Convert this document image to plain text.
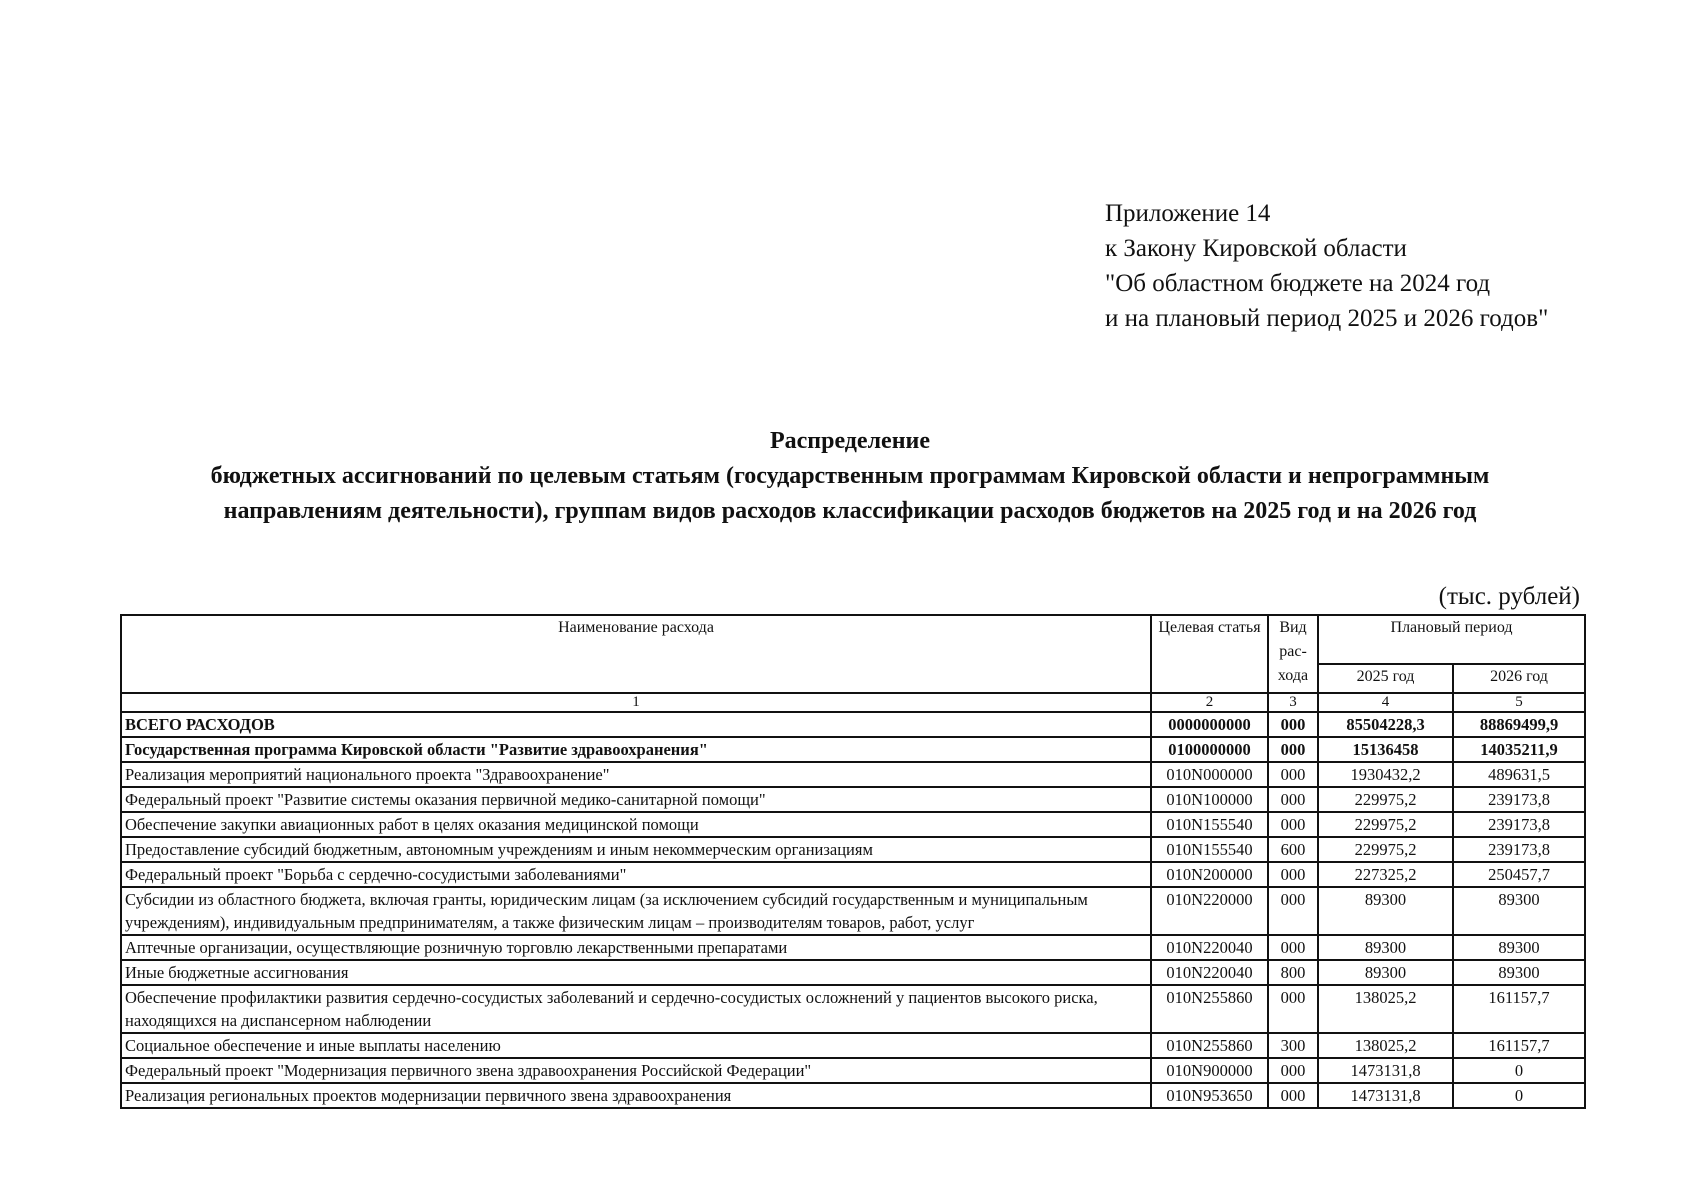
Приложение 14
к Закону Кировской области
"Об областном бюджете на 2024 год
и на плановый период 2025 и 2026 годов"
Распределение
бюджетных ассигнований по целевым статьям (государственным программам Кировской области и непрограммным
направлениям деятельности), группам видов расходов классификации расходов бюджетов на 2025 год и на 2026 год
(тыс. рублей)
Наименование расхода	Целевая статья	Вид рас-хода	Плановый период	
			2025 год	2026 год
1	2	3	4	5
ВСЕГО РАСХОДОВ	0000000000	000	85504228,3	88869499,9
Государственная программа Кировской области "Развитие здравоохранения"	0100000000	000	15136458	14035211,9
Реализация мероприятий национального проекта "Здравоохранение"	010N000000	000	1930432,2	489631,5
Федеральный проект "Развитие системы оказания первичной медико-санитарной помощи"	010N100000	000	229975,2	239173,8
Обеспечение закупки авиационных работ в целях оказания медицинской помощи	010N155540	000	229975,2	239173,8
Предоставление субсидий бюджетным, автономным учреждениям и иным некоммерческим организациям	010N155540	600	229975,2	239173,8
Федеральный проект "Борьба с сердечно-сосудистыми заболеваниями"	010N200000	000	227325,2	250457,7
Субсидии из областного бюджета, включая гранты, юридическим лицам (за исключением субсидий государственным и муниципальным учреждениям), индивидуальным предпринимателям, а также физическим лицам – производителям товаров, работ, услуг	010N220000	000	89300	89300
Аптечные организации, осуществляющие розничную торговлю лекарственными препаратами	010N220040	000	89300	89300
Иные бюджетные ассигнования	010N220040	800	89300	89300
Обеспечение профилактики развития сердечно-сосудистых заболеваний и сердечно-сосудистых осложнений у пациентов высокого риска, находящихся на диспансерном наблюдении	010N255860	000	138025,2	161157,7
Социальное обеспечение и иные выплаты населению	010N255860	300	138025,2	161157,7
Федеральный проект "Модернизация первичного звена здравоохранения Российской Федерации"	010N900000	000	1473131,8	0
Реализация региональных проектов модернизации первичного звена здравоохранения	010N953650	000	1473131,8	0
